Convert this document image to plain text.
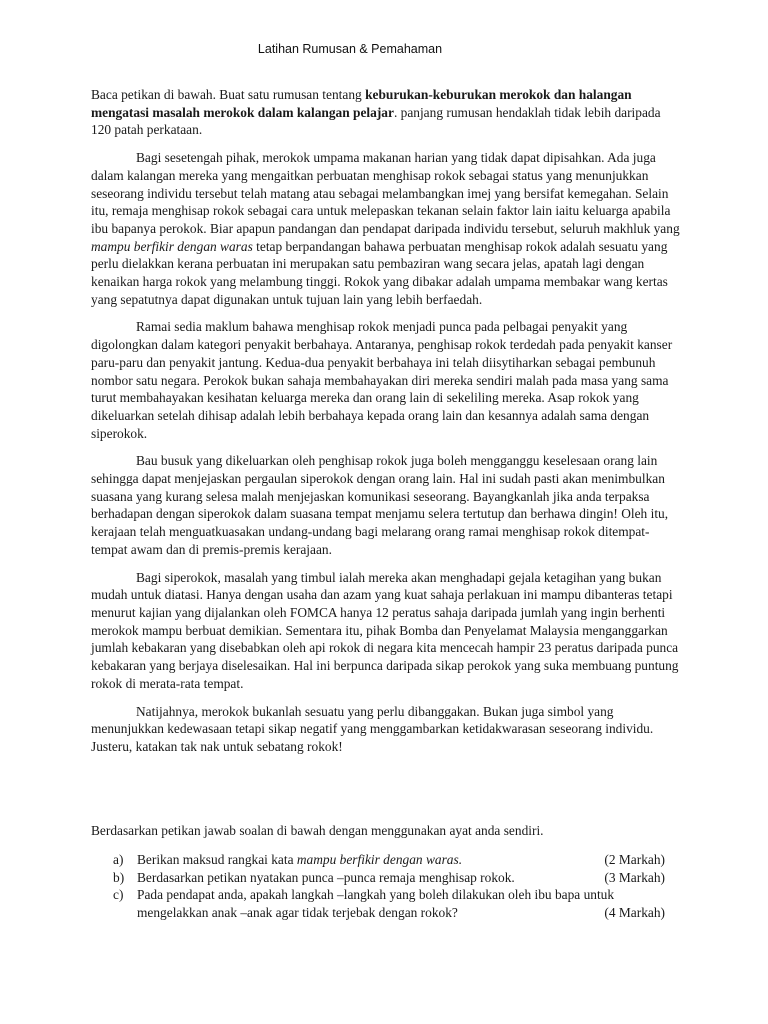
Latihan Rumusan & Pemahaman

Baca petikan di bawah. Buat satu rumusan tentang keburukan-keburukan merokok dan halangan mengatasi masalah merokok dalam kalangan pelajar. panjang rumusan hendaklah tidak lebih daripada 120 patah perkataan.

Bagi sesetengah pihak, merokok umpama makanan harian yang tidak dapat dipisahkan. Ada juga dalam kalangan mereka yang mengaitkan perbuatan menghisap rokok sebagai status yang menunjukkan seseorang individu tersebut telah matang atau sebagai melambangkan imej yang bersifat kemegahan. Selain itu, remaja menghisap rokok sebagai cara untuk melepaskan tekanan selain faktor lain iaitu keluarga apabila ibu bapanya perokok. Biar apapun pandangan dan pendapat daripada individu tersebut, seluruh makhluk yang mampu berfikir dengan waras tetap berpandangan bahawa perbuatan menghisap rokok adalah sesuatu yang perlu dielakkan kerana perbuatan ini merupakan satu pembaziran wang secara jelas, apatah lagi dengan kenaikan harga rokok yang melambung tinggi. Rokok yang dibakar adalah umpama membakar wang kertas yang sepatutnya dapat digunakan untuk tujuan lain yang lebih berfaedah.

Ramai sedia maklum bahawa menghisap rokok menjadi punca pada pelbagai penyakit yang digolongkan dalam kategori penyakit berbahaya. Antaranya, penghisap rokok terdedah pada penyakit kanser paru-paru dan penyakit jantung. Kedua-dua penyakit berbahaya ini telah diisytiharkan sebagai pembunuh nombor satu negara. Perokok bukan sahaja membahayakan diri mereka sendiri malah pada masa yang sama turut membahayakan kesihatan keluarga mereka dan orang lain di sekeliling mereka. Asap rokok yang dikeluarkan setelah dihisap adalah lebih berbahaya kepada orang lain dan kesannya adalah sama dengan siperokok.

Bau busuk yang dikeluarkan oleh penghisap rokok juga boleh mengganggu keselesaan orang lain sehingga dapat menjejaskan pergaulan siperokok dengan orang lain. Hal ini sudah pasti akan menimbulkan suasana yang kurang selesa malah menjejaskan komunikasi seseorang. Bayangkanlah jika anda terpaksa berhadapan dengan siperokok dalam suasana tempat menjamu selera tertutup dan berhawa dingin! Oleh itu, kerajaan telah menguatkuasakan undang-undang bagi melarang orang ramai menghisap rokok ditempat-tempat awam dan di premis-premis kerajaan.

Bagi siperokok, masalah yang timbul ialah mereka akan menghadapi gejala ketagihan yang bukan mudah untuk diatasi. Hanya dengan usaha dan azam yang kuat sahaja perlakuan ini mampu dibanteras tetapi menurut kajian yang dijalankan oleh FOMCA hanya 12 peratus sahaja daripada jumlah yang ingin berhenti merokok mampu berbuat demikian. Sementara itu, pihak Bomba dan Penyelamat Malaysia menganggarkan jumlah kebakaran yang disebabkan oleh api rokok di negara kita mencecah hampir 23 peratus daripada punca kebakaran yang berjaya diselesaikan. Hal ini berpunca daripada sikap perokok yang suka membuang puntung rokok di merata-rata tempat.

Natijahnya, merokok bukanlah sesuatu yang perlu dibanggakan. Bukan juga simbol yang menunjukkan kedewasaan tetapi sikap negatif yang menggambarkan ketidakwarasan seseorang individu. Justeru, katakan tak nak untuk sebatang rokok!

Berdasarkan petikan jawab soalan di bawah dengan menggunakan ayat anda sendiri.
a) Berikan maksud rangkai kata mampu berfikir dengan waras.	(2 Markah)
b) Berdasarkan petikan nyatakan punca –punca remaja menghisap rokok.	(3 Markah)
c) Pada pendapat anda, apakah langkah –langkah yang boleh dilakukan oleh ibu bapa untuk mengelakkan anak –anak agar tidak terjebak dengan rokok?	(4 Markah)
